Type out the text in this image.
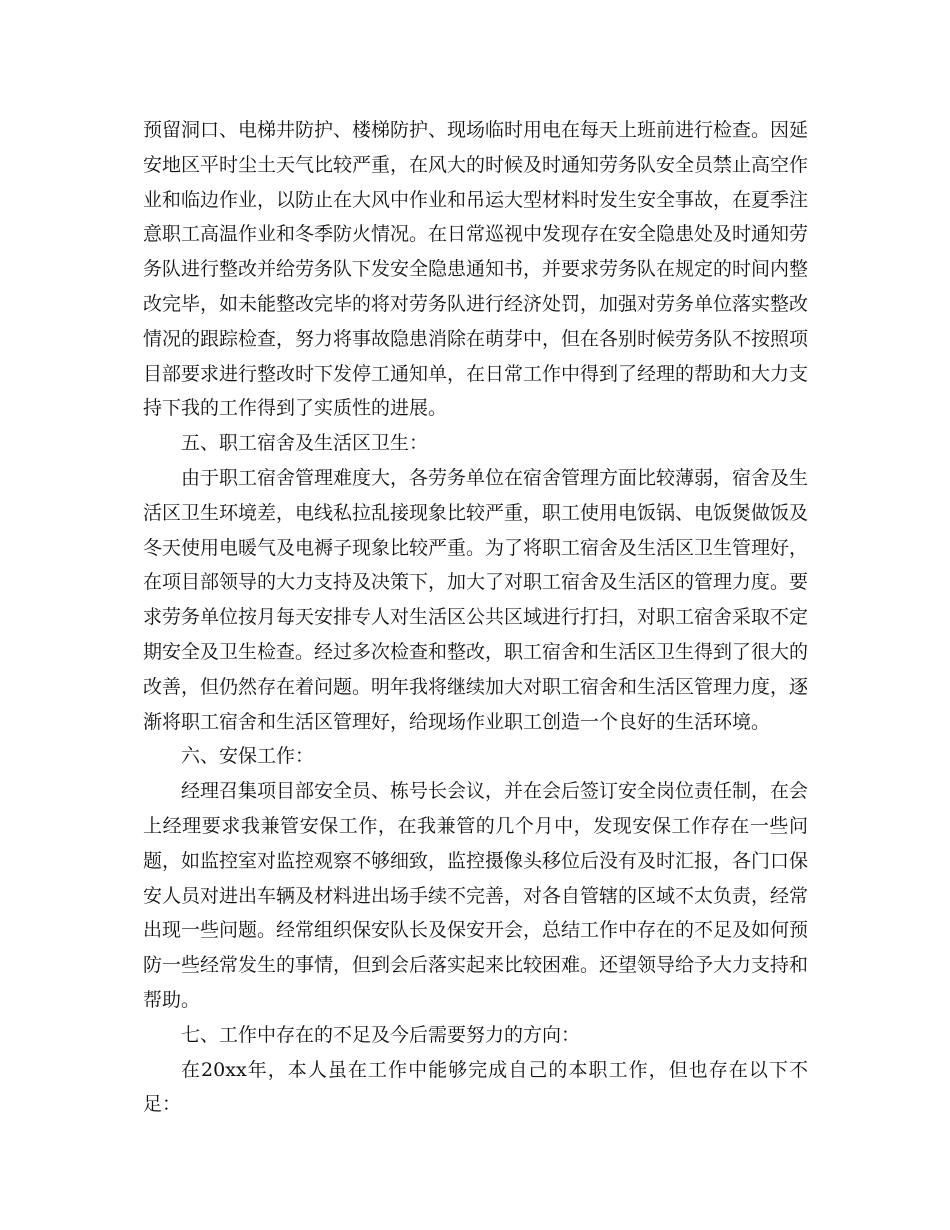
预留洞口、电梯井防护、楼梯防护、现场临时用电在每天上班前进行检查。因延安地区平时尘土天气比较严重，在风大的时候及时通知劳务队安全员禁止高空作业和临边作业，以防止在大风中作业和吊运大型材料时发生安全事故，在夏季注意职工高温作业和冬季防火情况。在日常巡视中发现存在安全隐患处及时通知劳务队进行整改并给劳务队下发安全隐患通知书，并要求劳务队在规定的时间内整改完毕，如未能整改完毕的将对劳务队进行经济处罚，加强对劳务单位落实整改情况的跟踪检查，努力将事故隐患消除在萌芽中，但在各别时候劳务队不按照项目部要求进行整改时下发停工通知单，在日常工作中得到了经理的帮助和大力支持下我的工作得到了实质性的进展。

五、职工宿舍及生活区卫生：

由于职工宿舍管理难度大，各劳务单位在宿舍管理方面比较薄弱，宿舍及生活区卫生环境差，电线私拉乱接现象比较严重，职工使用电饭锅、电饭煲做饭及冬天使用电暖气及电褥子现象比较严重。为了将职工宿舍及生活区卫生管理好，在项目部领导的大力支持及决策下，加大了对职工宿舍及生活区的管理力度。要求劳务单位按月每天安排专人对生活区公共区域进行打扫，对职工宿舍采取不定期安全及卫生检查。经过多次检查和整改，职工宿舍和生活区卫生得到了很大的改善，但仍然存在着问题。明年我将继续加大对职工宿舍和生活区管理力度，逐渐将职工宿舍和生活区管理好，给现场作业职工创造一个良好的生活环境。

六、安保工作：

经理召集项目部安全员、栋号长会议，并在会后签订安全岗位责任制，在会上经理要求我兼管安保工作，在我兼管的几个月中，发现安保工作存在一些问题，如监控室对监控观察不够细致，监控摄像头移位后没有及时汇报，各门口保安人员对进出车辆及材料进出场手续不完善，对各自管辖的区域不太负责，经常出现一些问题。经常组织保安队长及保安开会，总结工作中存在的不足及如何预防一些经常发生的事情，但到会后落实起来比较困难。还望领导给予大力支持和帮助。

七、工作中存在的不足及今后需要努力的方向：

在20xx年，本人虽在工作中能够完成自己的本职工作，但也存在以下不足：
